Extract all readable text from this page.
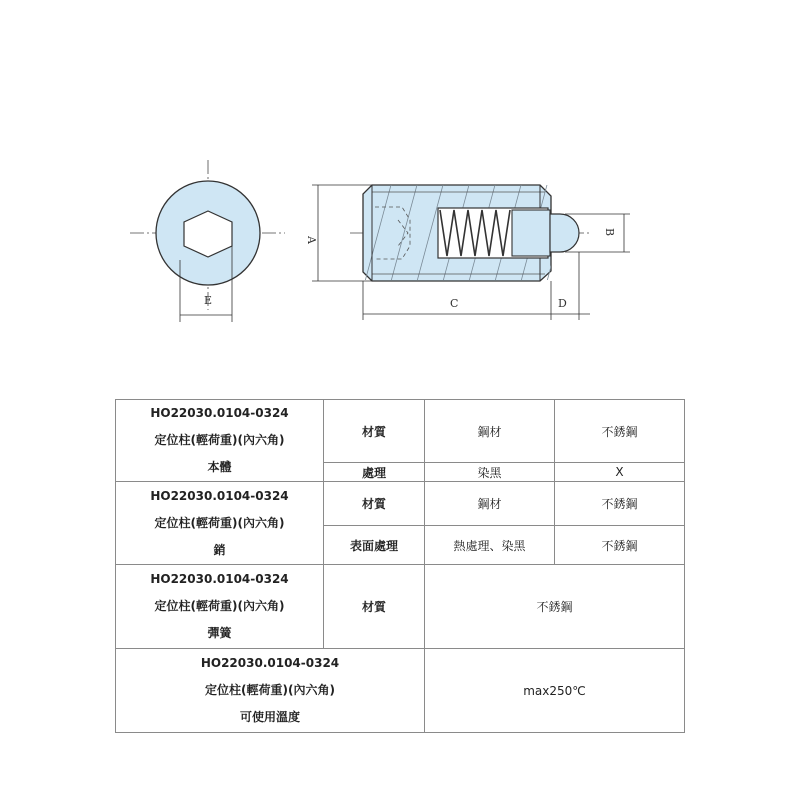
E
A
B
C	D
HO22030.0104-0324
定位柱(輕荷重)(內六角)
本體	材質	鋼材	不銹鋼
	處理	染黑	X

HO22030.0104-0324
定位柱(輕荷重)(內六角)
銷	材質	鋼材	不銹鋼
	表面處理	熱處理、染黑	不銹鋼

HO22030.0104-0324
定位柱(輕荷重)(內六角)
彈簧	材質	不銹鋼	

HO22030.0104-0324
定位柱(輕荷重)(內六角)
可使用溫度		max250℃	
